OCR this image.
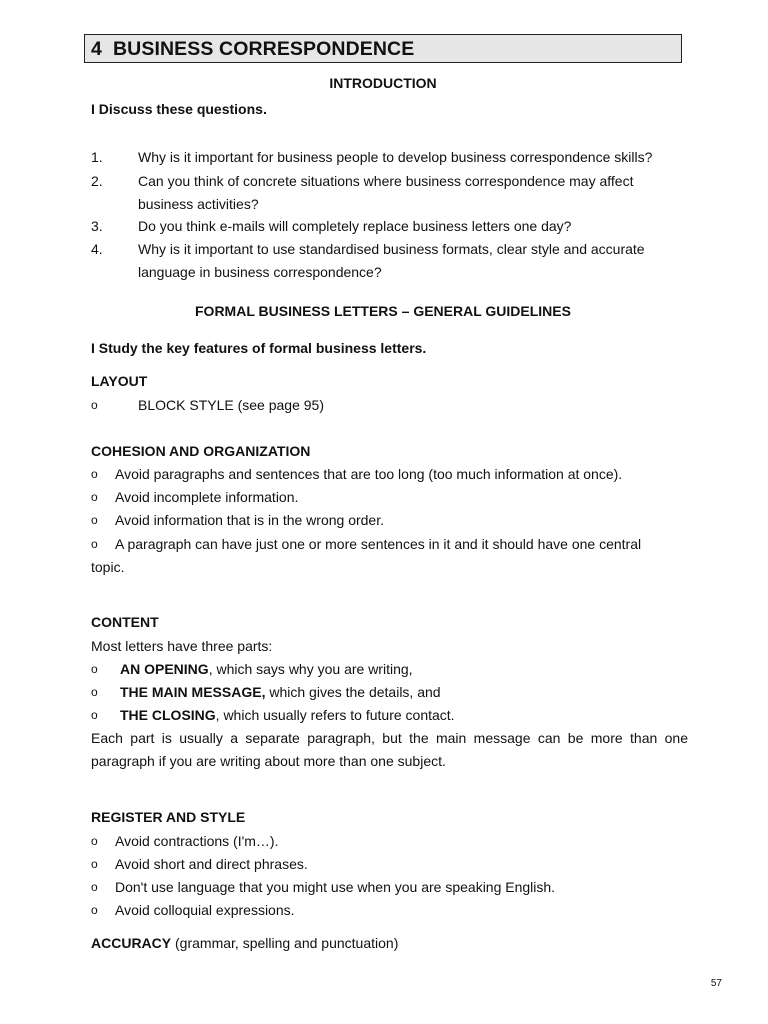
4 BUSINESS CORRESPONDENCE
INTRODUCTION
I Discuss these questions.
1.	Why is it important for business people to develop business correspondence skills?
2.	Can you think of concrete situations where business correspondence may affect
business activities?
3.	Do you think e-mails will completely replace business letters one day?
4.	Why is it important to use standardised business formats, clear style and accurate
language in business correspondence?
FORMAL BUSINESS LETTERS – GENERAL GUIDELINES
I Study the key features of formal business letters.
LAYOUT
o	BLOCK STYLE (see page 95)
COHESION AND ORGANIZATION
o Avoid paragraphs and sentences that are too long (too much information at once).
o Avoid incomplete information.
o Avoid information that is in the wrong order.
o A paragraph can have just one or more sentences in it and it should have one central
topic.
CONTENT
Most letters have three parts:
o AN OPENING, which says why you are writing,
o THE MAIN MESSAGE, which gives the details, and
o THE CLOSING, which usually refers to future contact.
Each part is usually a separate paragraph, but the main message can be more than one paragraph if you are writing about more than one subject.
REGISTER AND STYLE
o Avoid contractions (I'm…).
o Avoid short and direct phrases.
o Don't use language that you might use when you are speaking English.
o Avoid colloquial expressions.
ACCURACY (grammar, spelling and punctuation)
57
